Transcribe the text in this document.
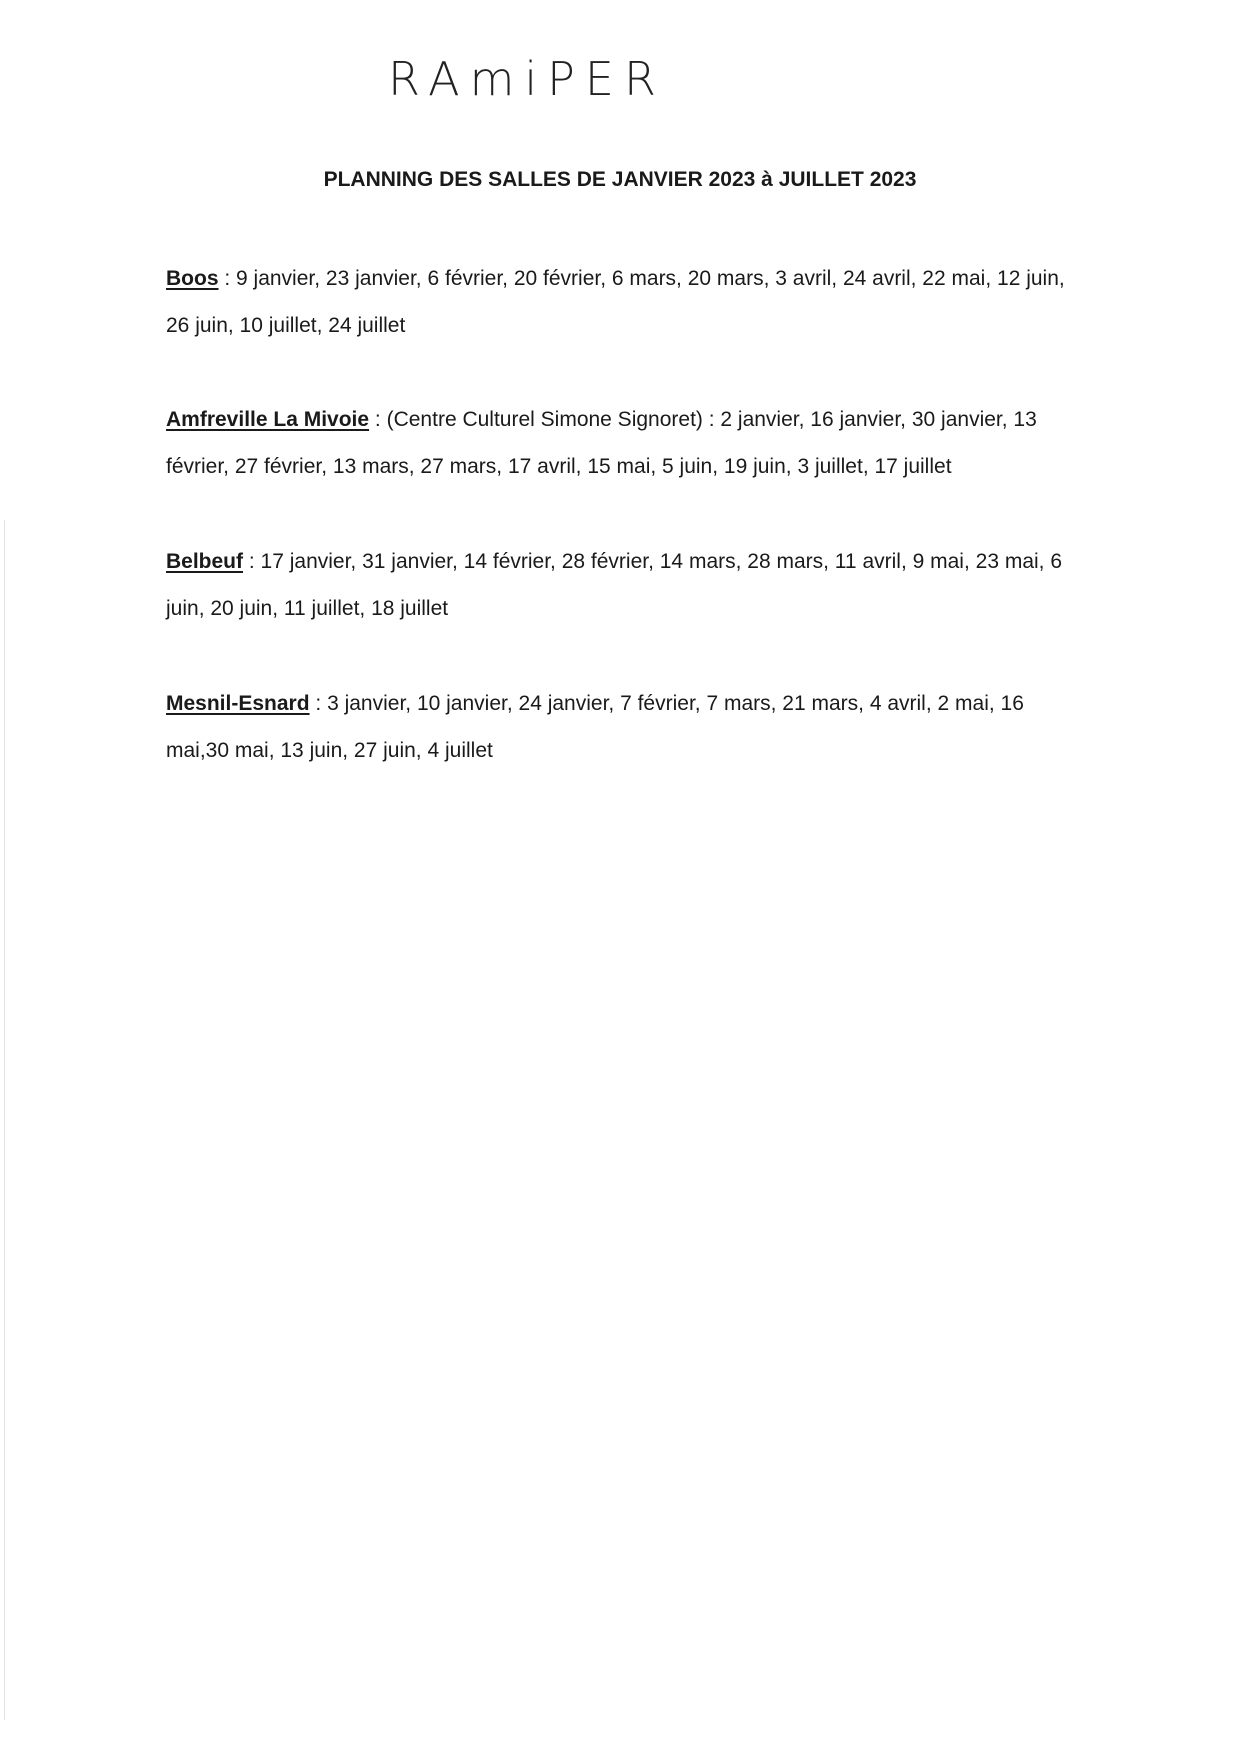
RAmiPER
PLANNING DES SALLES DE JANVIER 2023 à JUILLET 2023
Boos : 9 janvier, 23 janvier, 6 février, 20 février, 6 mars, 20 mars, 3 avril, 24 avril, 22 mai, 12 juin, 26 juin, 10 juillet, 24 juillet
Amfreville La Mivoie : (Centre Culturel Simone Signoret) : 2 janvier, 16 janvier, 30 janvier, 13 février, 27 février, 13 mars, 27 mars, 17 avril, 15 mai, 5 juin, 19 juin, 3 juillet, 17 juillet
Belbeuf : 17 janvier, 31 janvier, 14 février, 28 février, 14 mars, 28 mars, 11 avril, 9 mai, 23 mai, 6 juin, 20 juin, 11 juillet, 18 juillet
Mesnil-Esnard : 3 janvier, 10 janvier, 24 janvier, 7 février, 7 mars, 21 mars, 4 avril, 2 mai, 16 mai,30 mai, 13 juin, 27 juin, 4 juillet
